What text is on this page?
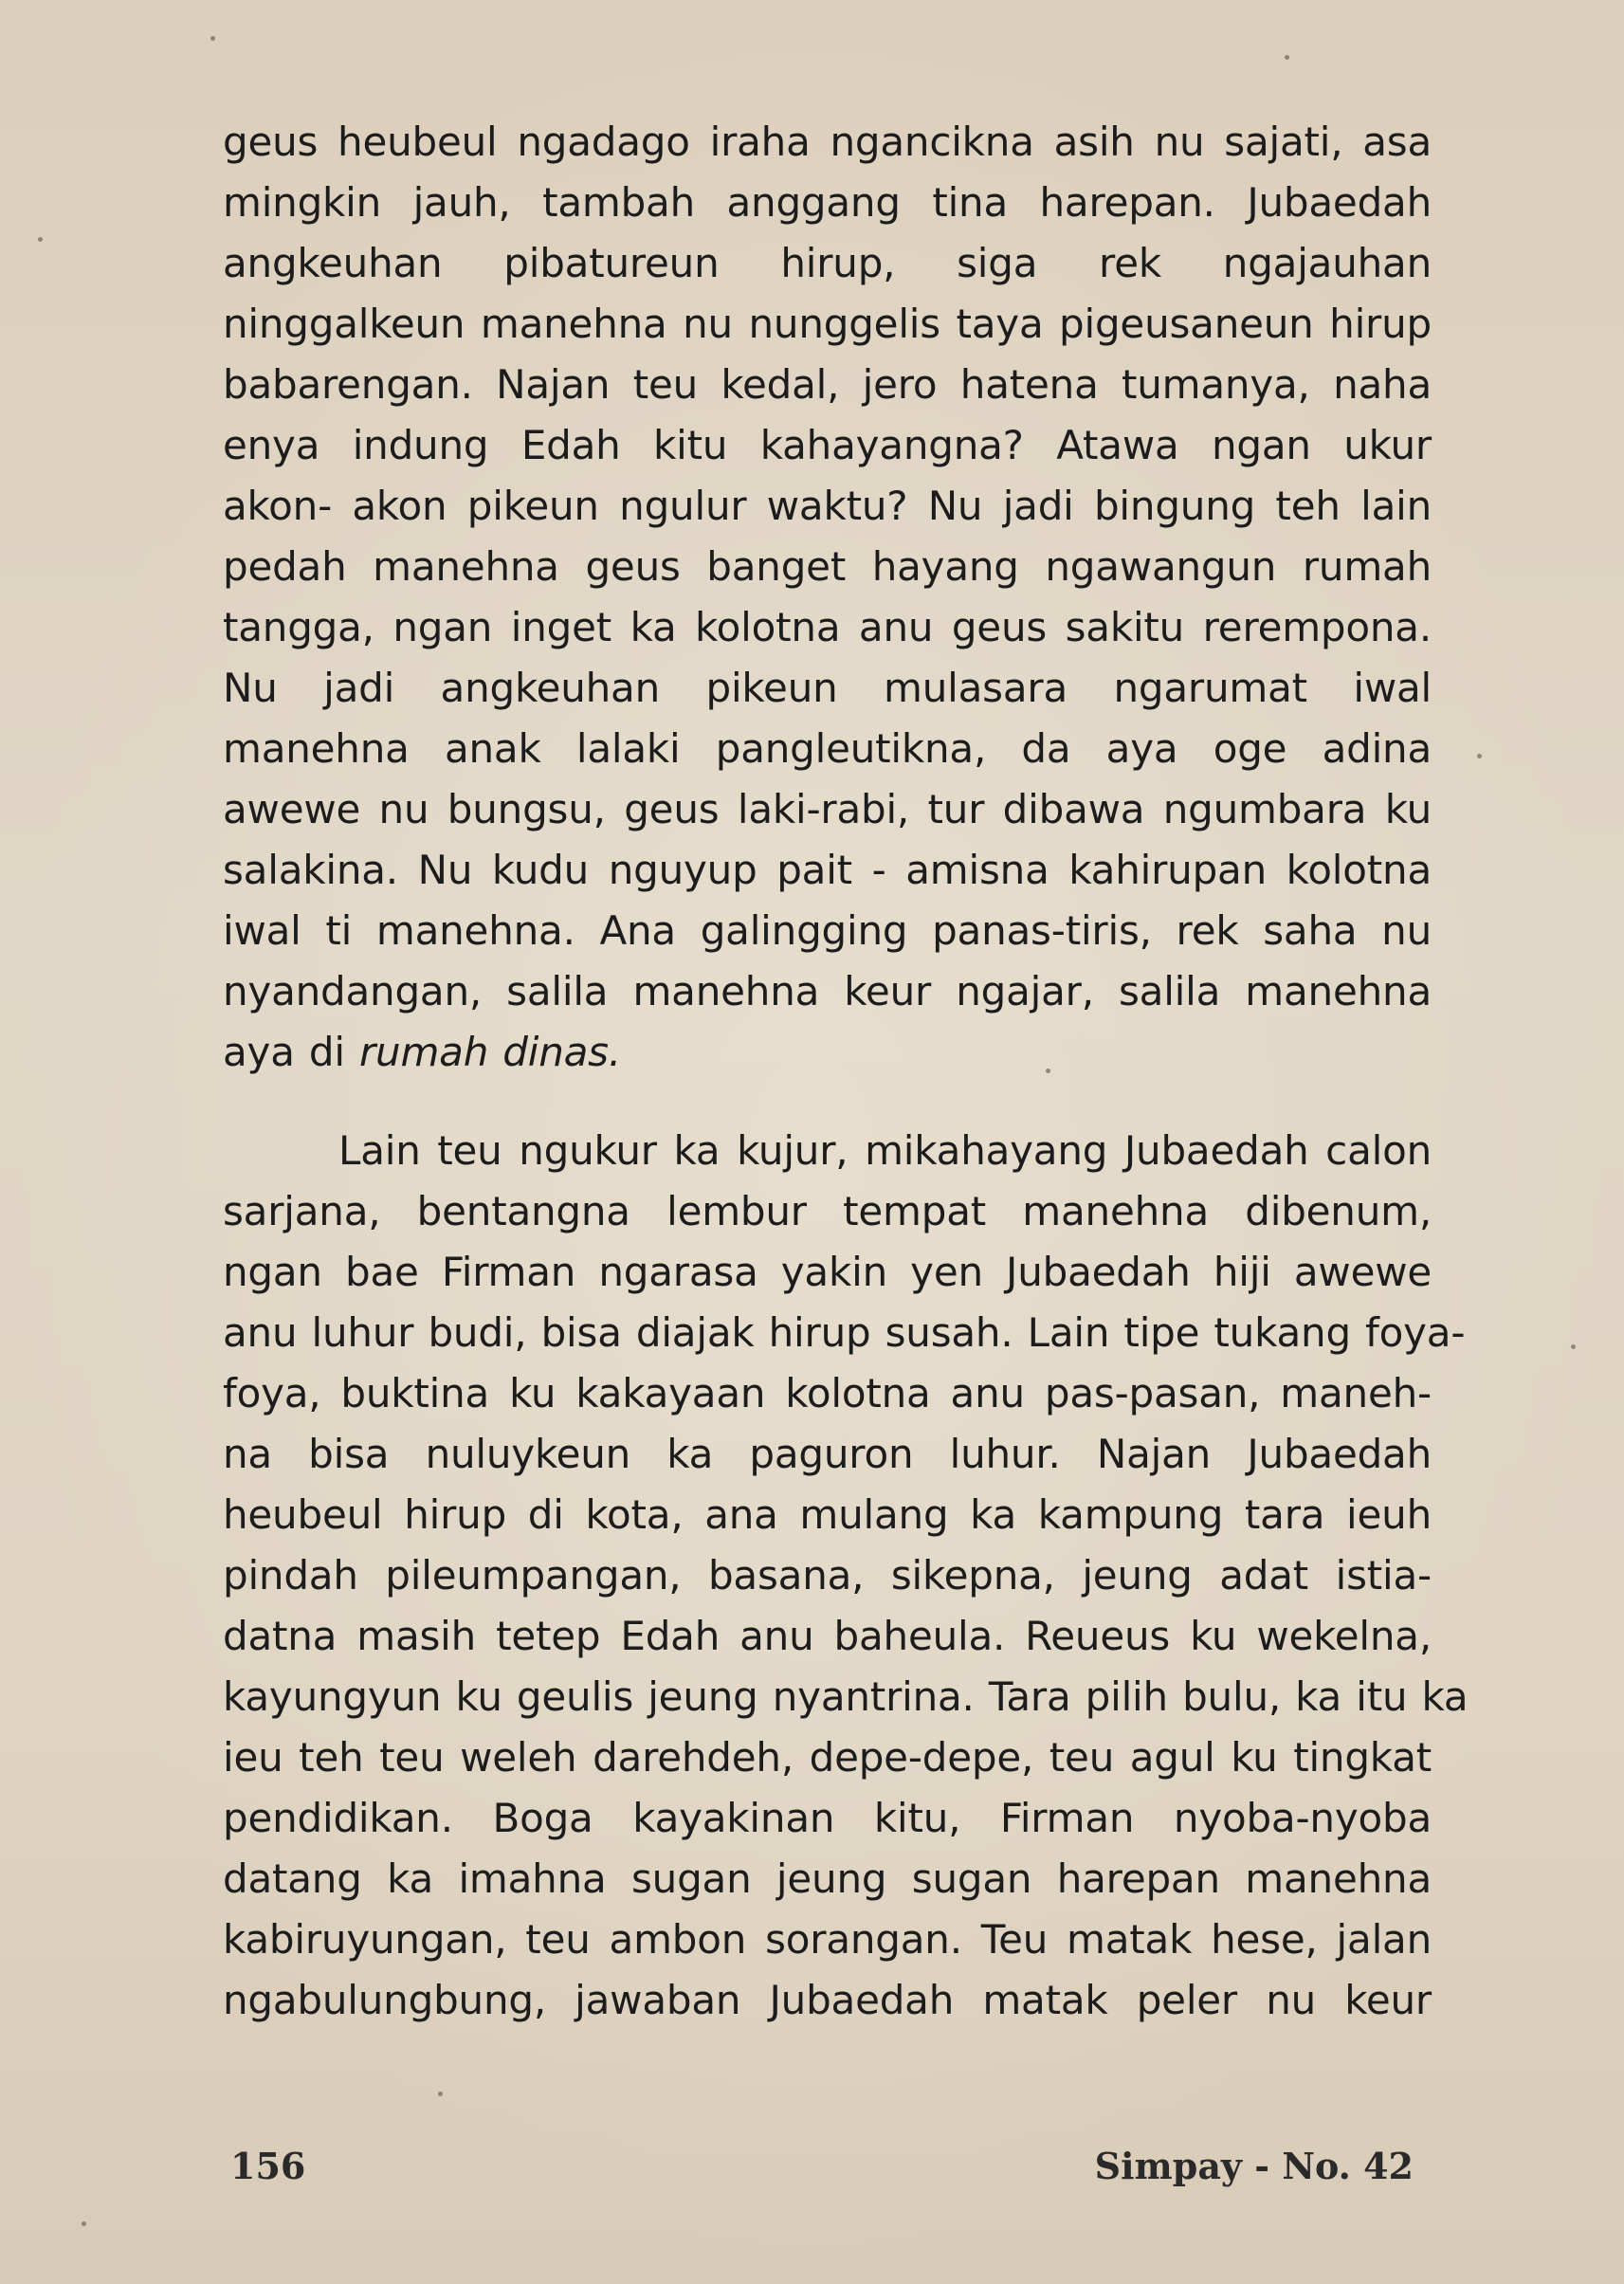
geus heubeul ngadago iraha ngancikna asih nu sajati, asa
mingkin jauh, tambah anggang tina harepan. Jubaedah
angkeuhan pibatureun hirup, siga rek ngajauhan
ninggalkeun manehna nu nunggelis taya pigeusaneun hirup
babarengan. Najan teu kedal, jero hatena tumanya, naha
enya indung Edah kitu kahayangna? Atawa ngan ukur
akon- akon pikeun ngulur waktu? Nu jadi bingung teh lain
pedah manehna geus banget hayang ngawangun rumah
tangga, ngan inget ka kolotna anu geus sakitu rerempona.
Nu jadi angkeuhan pikeun mulasara ngarumat iwal
manehna anak lalaki pangleutikna, da aya oge adina
awewe nu bungsu, geus laki-rabi, tur dibawa ngumbara ku
salakina. Nu kudu nguyup pait - amisna kahirupan kolotna
iwal ti manehna. Ana galingging panas-tiris, rek saha nu
nyandangan, salila manehna keur ngajar, salila manehna
aya di rumah dinas.

Lain teu ngukur ka kujur, mikahayang Jubaedah calon
sarjana, bentangna lembur tempat manehna dibenum,
ngan bae Firman ngarasa yakin yen Jubaedah hiji awewe
anu luhur budi, bisa diajak hirup susah. Lain tipe tukang foya-
foya, buktina ku kakayaan kolotna anu pas-pasan, maneh-
na bisa nuluykeun ka paguron luhur. Najan Jubaedah
heubeul hirup di kota, ana mulang ka kampung tara ieuh
pindah pileumpangan, basana, sikepna, jeung adat istia-
datna masih tetep Edah anu baheula. Reueus ku wekelna,
kayungyun ku geulis jeung nyantrina. Tara pilih bulu, ka itu ka
ieu teh teu weleh darehdeh, depe-depe, teu agul ku tingkat
pendidikan. Boga kayakinan kitu, Firman nyoba-nyoba
datang ka imahna sugan jeung sugan harepan manehna
kabiruyungan, teu ambon sorangan. Teu matak hese, jalan
ngabulungbung, jawaban Jubaedah matak peler nu keur

156	Simpay - No. 42
